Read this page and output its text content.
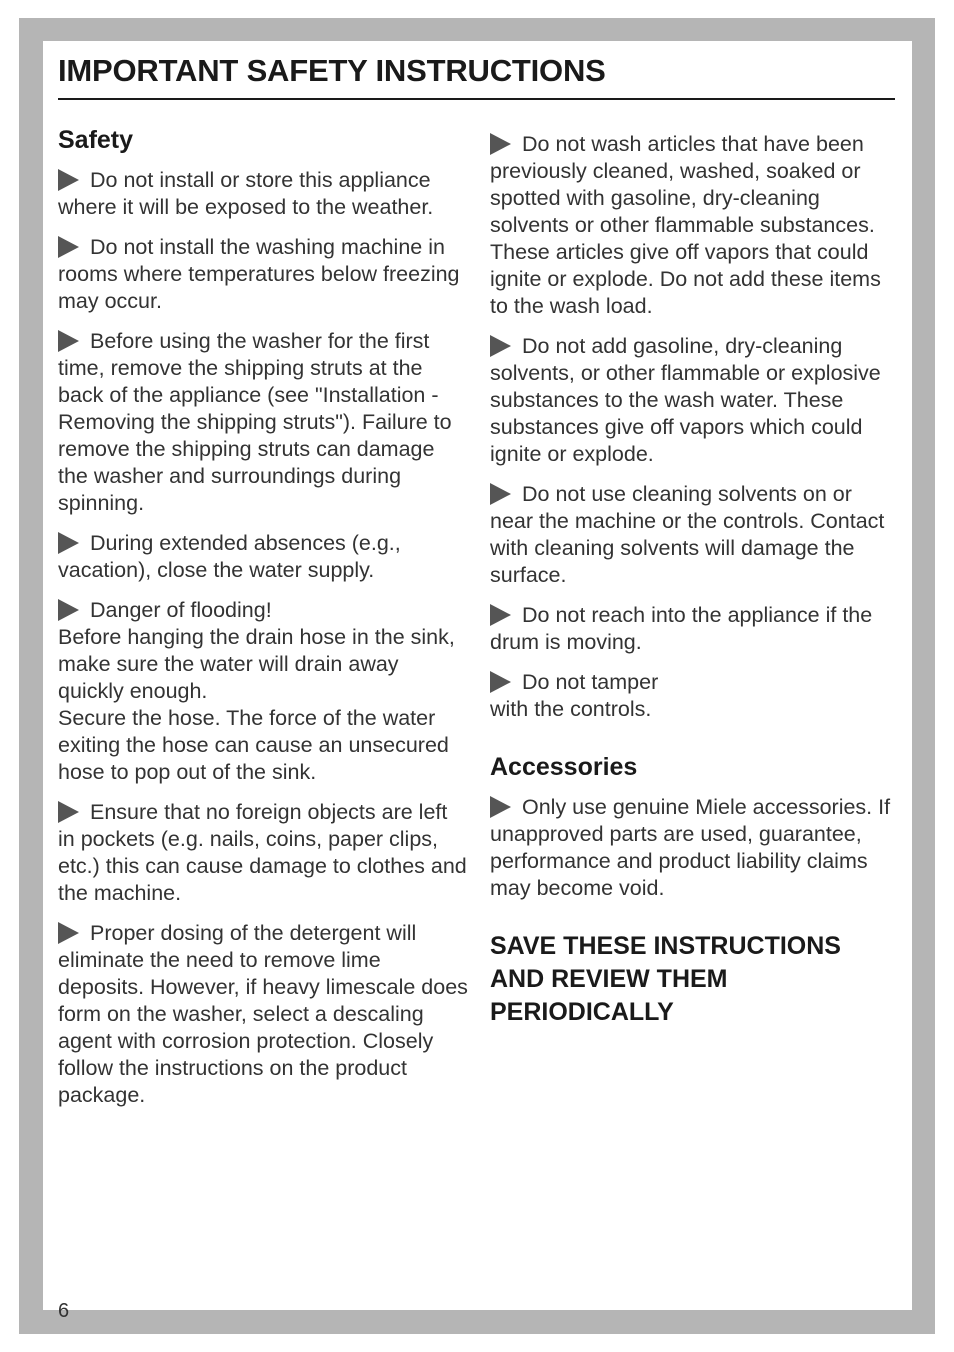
IMPORTANT SAFETY INSTRUCTIONS
Safety

Do not install or store this appliance where it will be exposed to the weather.

Do not install the washing machine in rooms where temperatures below freezing may occur.

Before using the washer for the first time, remove the shipping struts at the back of the appliance (see "Installation - Removing the shipping struts"). Failure to remove the shipping struts can damage the washer and surroundings during spinning.

During extended absences (e.g., vacation), close the water supply.

Danger of flooding!

Before hanging the drain hose in the sink, make sure the water will drain away quickly enough.

Secure the hose. The force of the water exiting the hose can cause an unsecured hose to pop out of the sink.

Ensure that no foreign objects are left in pockets (e.g. nails, coins, paper clips, etc.) this can cause damage to clothes and the machine.

Proper dosing of the detergent will eliminate the need to remove lime deposits. However, if heavy limescale does form on the washer, select a descaling agent with corrosion protection. Closely follow the instructions on the product package.

Do not wash articles that have been previously cleaned, washed, soaked or spotted with gasoline, dry-cleaning solvents or other flammable substances. These articles give off vapors that could ignite or explode. Do not add these items to the wash load.

Do not add gasoline, dry-cleaning solvents, or other flammable or explosive substances to the wash water. These substances give off vapors which could ignite or explode.

Do not use cleaning solvents on or near the machine or the controls. Contact with cleaning solvents will damage the surface.

Do not reach into the appliance if the drum is moving.

Do not tamper

with the controls.

Accessories

Only use genuine Miele accessories. If unapproved parts are used, guarantee, performance and product liability claims may become void.

SAVE THESE INSTRUCTIONS
AND REVIEW THEM
PERIODICALLY
6
